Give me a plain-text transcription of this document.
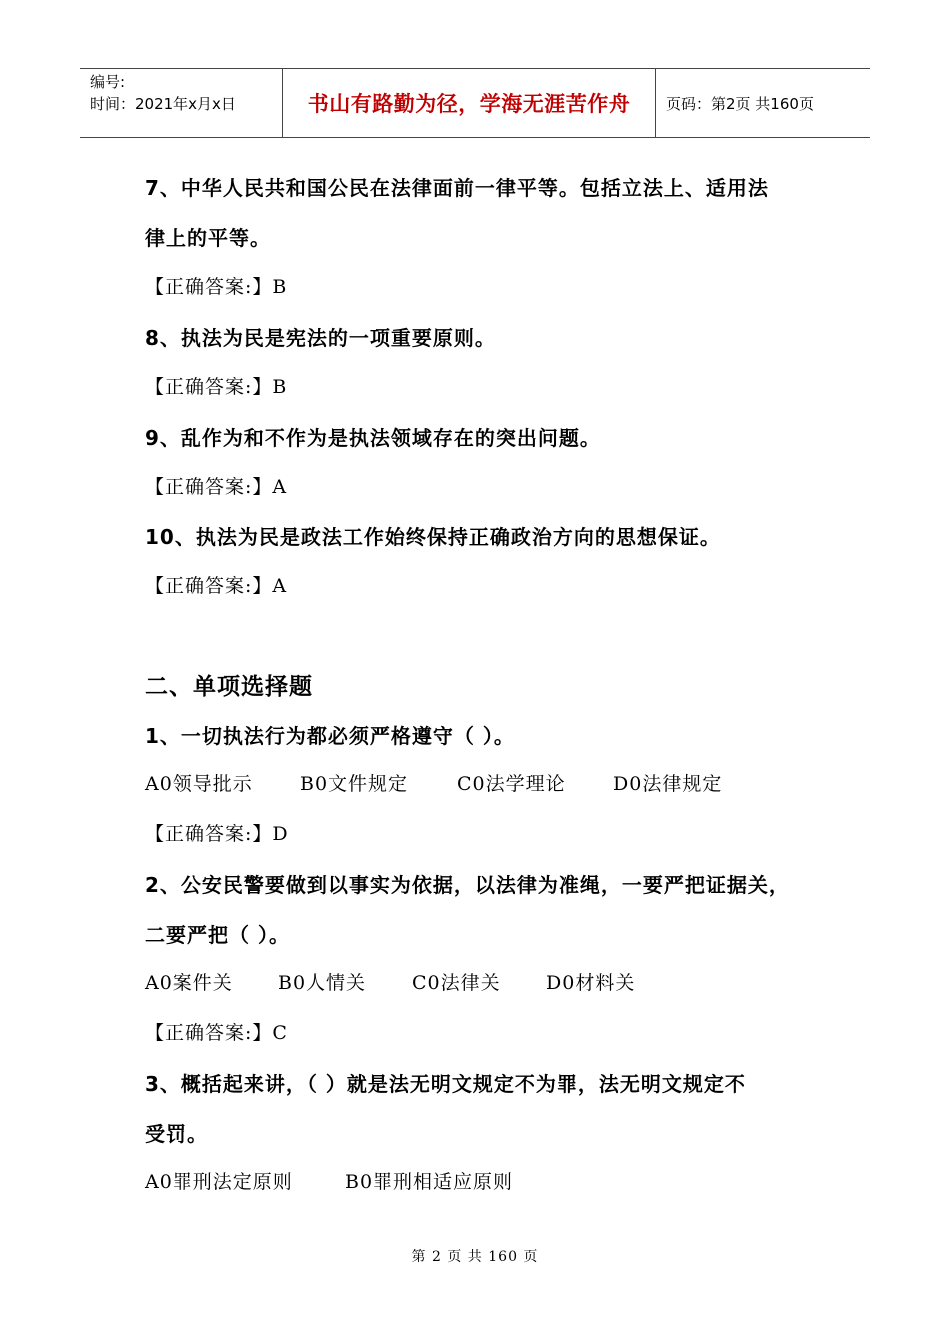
编号:
时间：2021年x月x日	书山有路勤为径，学海无涯苦作舟 页码：第2页 共160页
7、中华人民共和国公民在法律面前一律平等。包括立法上、适用法
律上的平等。
【正确答案:】B
8、执法为民是宪法的一项重要原则。
【正确答案:】B
9、乱作为和不作为是执法领域存在的突出问题。
【正确答案:】A
10、执法为民是政法工作始终保持正确政治方向的思想保证。
【正确答案:】A
二、单项选择题
1、一切执法行为都必须严格遵守（ ）。
A0领导批示 B0文件规定	C0法学理论 D0法律规定
【正确答案:】D
2、公安民警要做到以事实为依据，以法律为准绳，一要严把证据关，
二要严把（ ）。
A0案件关 B0人情关 C0法律关 D0材料关
【正确答案:】C
3、概括起来讲，（ ）就是法无明文规定不为罪，法无明文规定不
受罚。
A0罪刑法定原则	B0罪刑相适应原则
第 2 页 共 160 页
